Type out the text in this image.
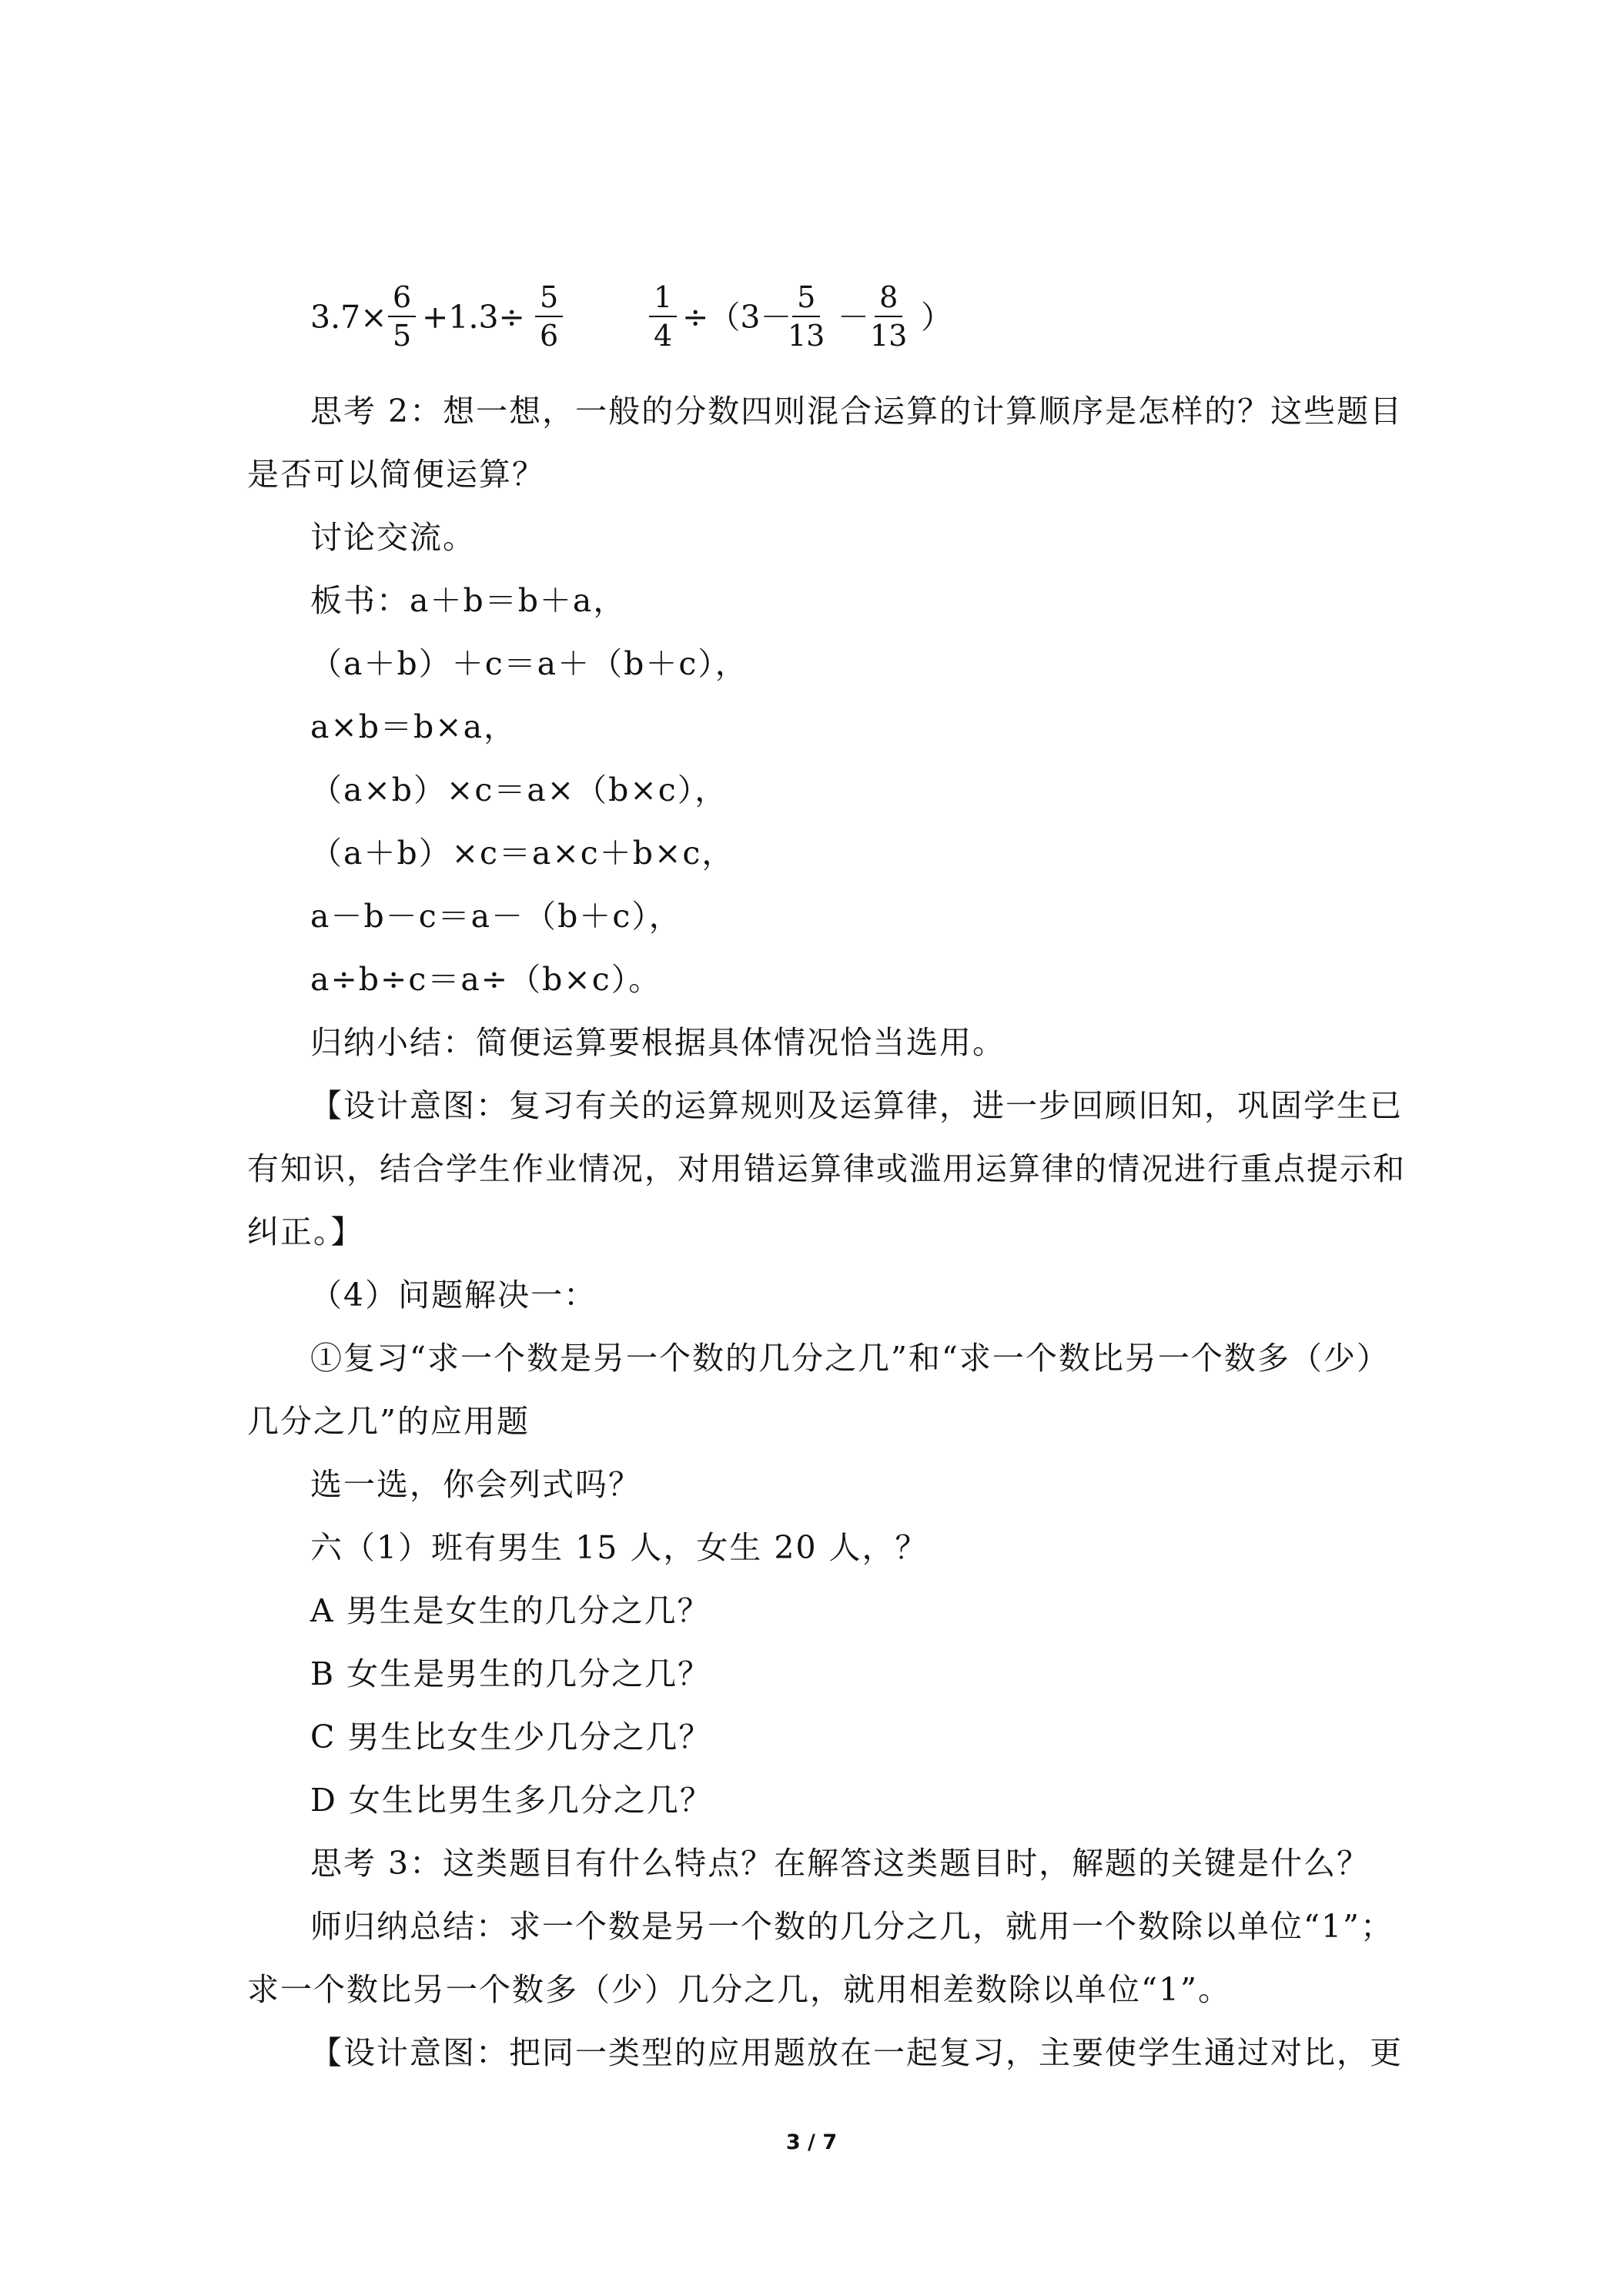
$3.7\times \frac{6}{5} +1.3\div \frac{5}{6}$	$\frac{1}{4} \div(3-$
$\frac{5}{13} - \frac{8}{13}$ ）
思考 2：想一想，一般的分数四则混合运算的计算顺序是怎样的？这些题目
是否可以简便运算？
讨论交流。
板书：a＋b＝b＋a，
（a＋b）＋c＝a＋（b＋c），
a×b＝b×a，
（a×b）×c＝a×（b×c），
（a＋b）×c＝a×c＋b×c，
a－b－c＝a－（b＋c），
a÷b÷c＝a÷（b×c）。
归纳小结：简便运算要根据具体情况恰当选用。
【设计意图：复习有关的运算规则及运算律，进一步回顾旧知，巩固学生已
有知识，结合学生作业情况，对用错运算律或滥用运算律的情况进行重点提示和
纠正。】
（4）问题解决一：
①复习“求一个数是另一个数的几分之几”和“求一个数比另一个数多（少）
几分之几”的应用题
选一选，你会列式吗？
六（1）班有男生 15 人，女生 20 人，？
A 男生是女生的几分之几？
B 女生是男生的几分之几？
C 男生比女生少几分之几？
D 女生比男生多几分之几？
思考 3：这类题目有什么特点？在解答这类题目时，解题的关键是什么？
师归纳总结：求一个数是另一个数的几分之几，就用一个数除以单位“1”；
求一个数比另一个数多（少）几分之几，就用相差数除以单位“1”。
【设计意图：把同一类型的应用题放在一起复习，主要使学生通过对比，更
3 / 7
